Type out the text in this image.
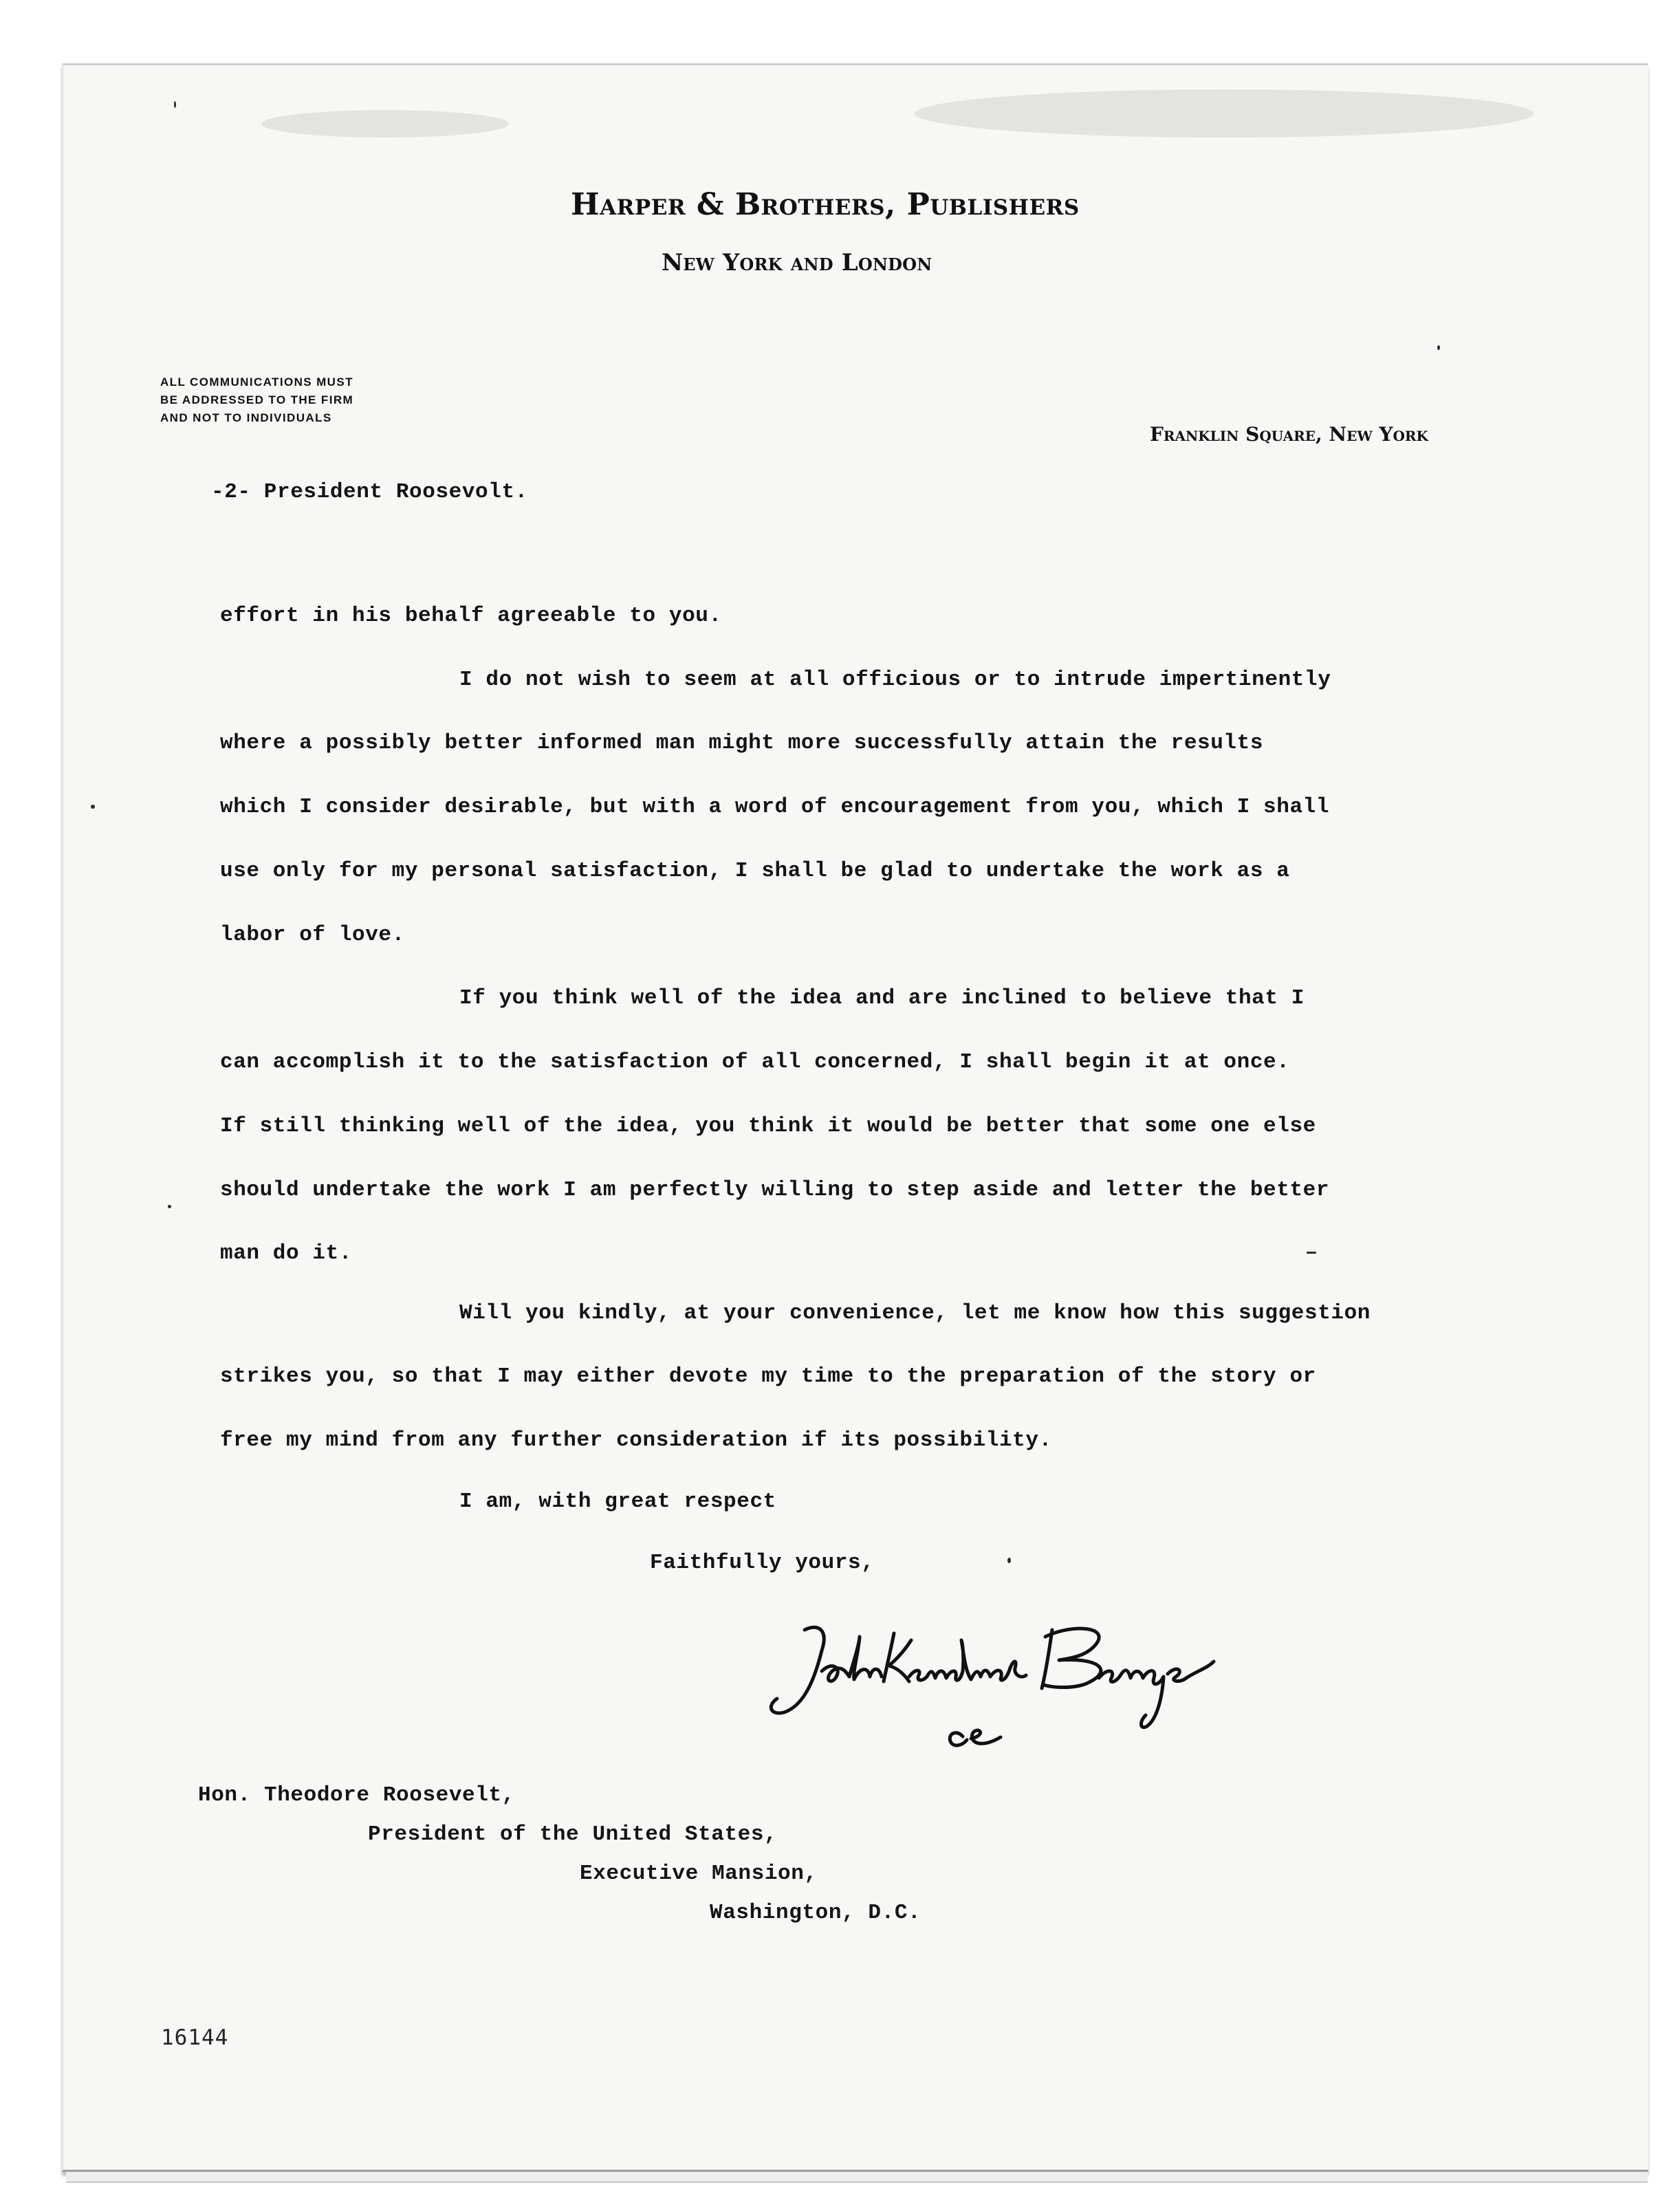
Harper & Brothers, Publishers
New York and London
ALL COMMUNICATIONS MUST
BE ADDRESSED TO THE FIRM
AND NOT TO INDIVIDUALS
Franklin Square, New York
-2- President Roosevolt.
effort in his behalf agreeable to you.
I do not wish to seem at all officious or to intrude impertinently
where a possibly better informed man might more successfully attain the results
which I consider desirable, but with a word of encouragement from you, which I shall
use only for my personal satisfaction, I shall be glad to undertake the work as a
labor of love.
If you think well of the idea and are inclined to believe that I
can accomplish it to the satisfaction of all concerned, I shall begin it at once.
If still thinking well of the idea, you think it would be better that some one else
should undertake the work I am perfectly willing to step aside and letter the better
man do it.
Will you kindly, at your convenience, let me know how this suggestion
strikes you, so that I may either devote my time to the preparation of the story or
free my mind from any further consideration if its possibility.
I am, with great respect
Faithfully yours,
Hon. Theodore Roosevelt,
President of the United States,
Executive Mansion,
Washington, D.C.
16144
